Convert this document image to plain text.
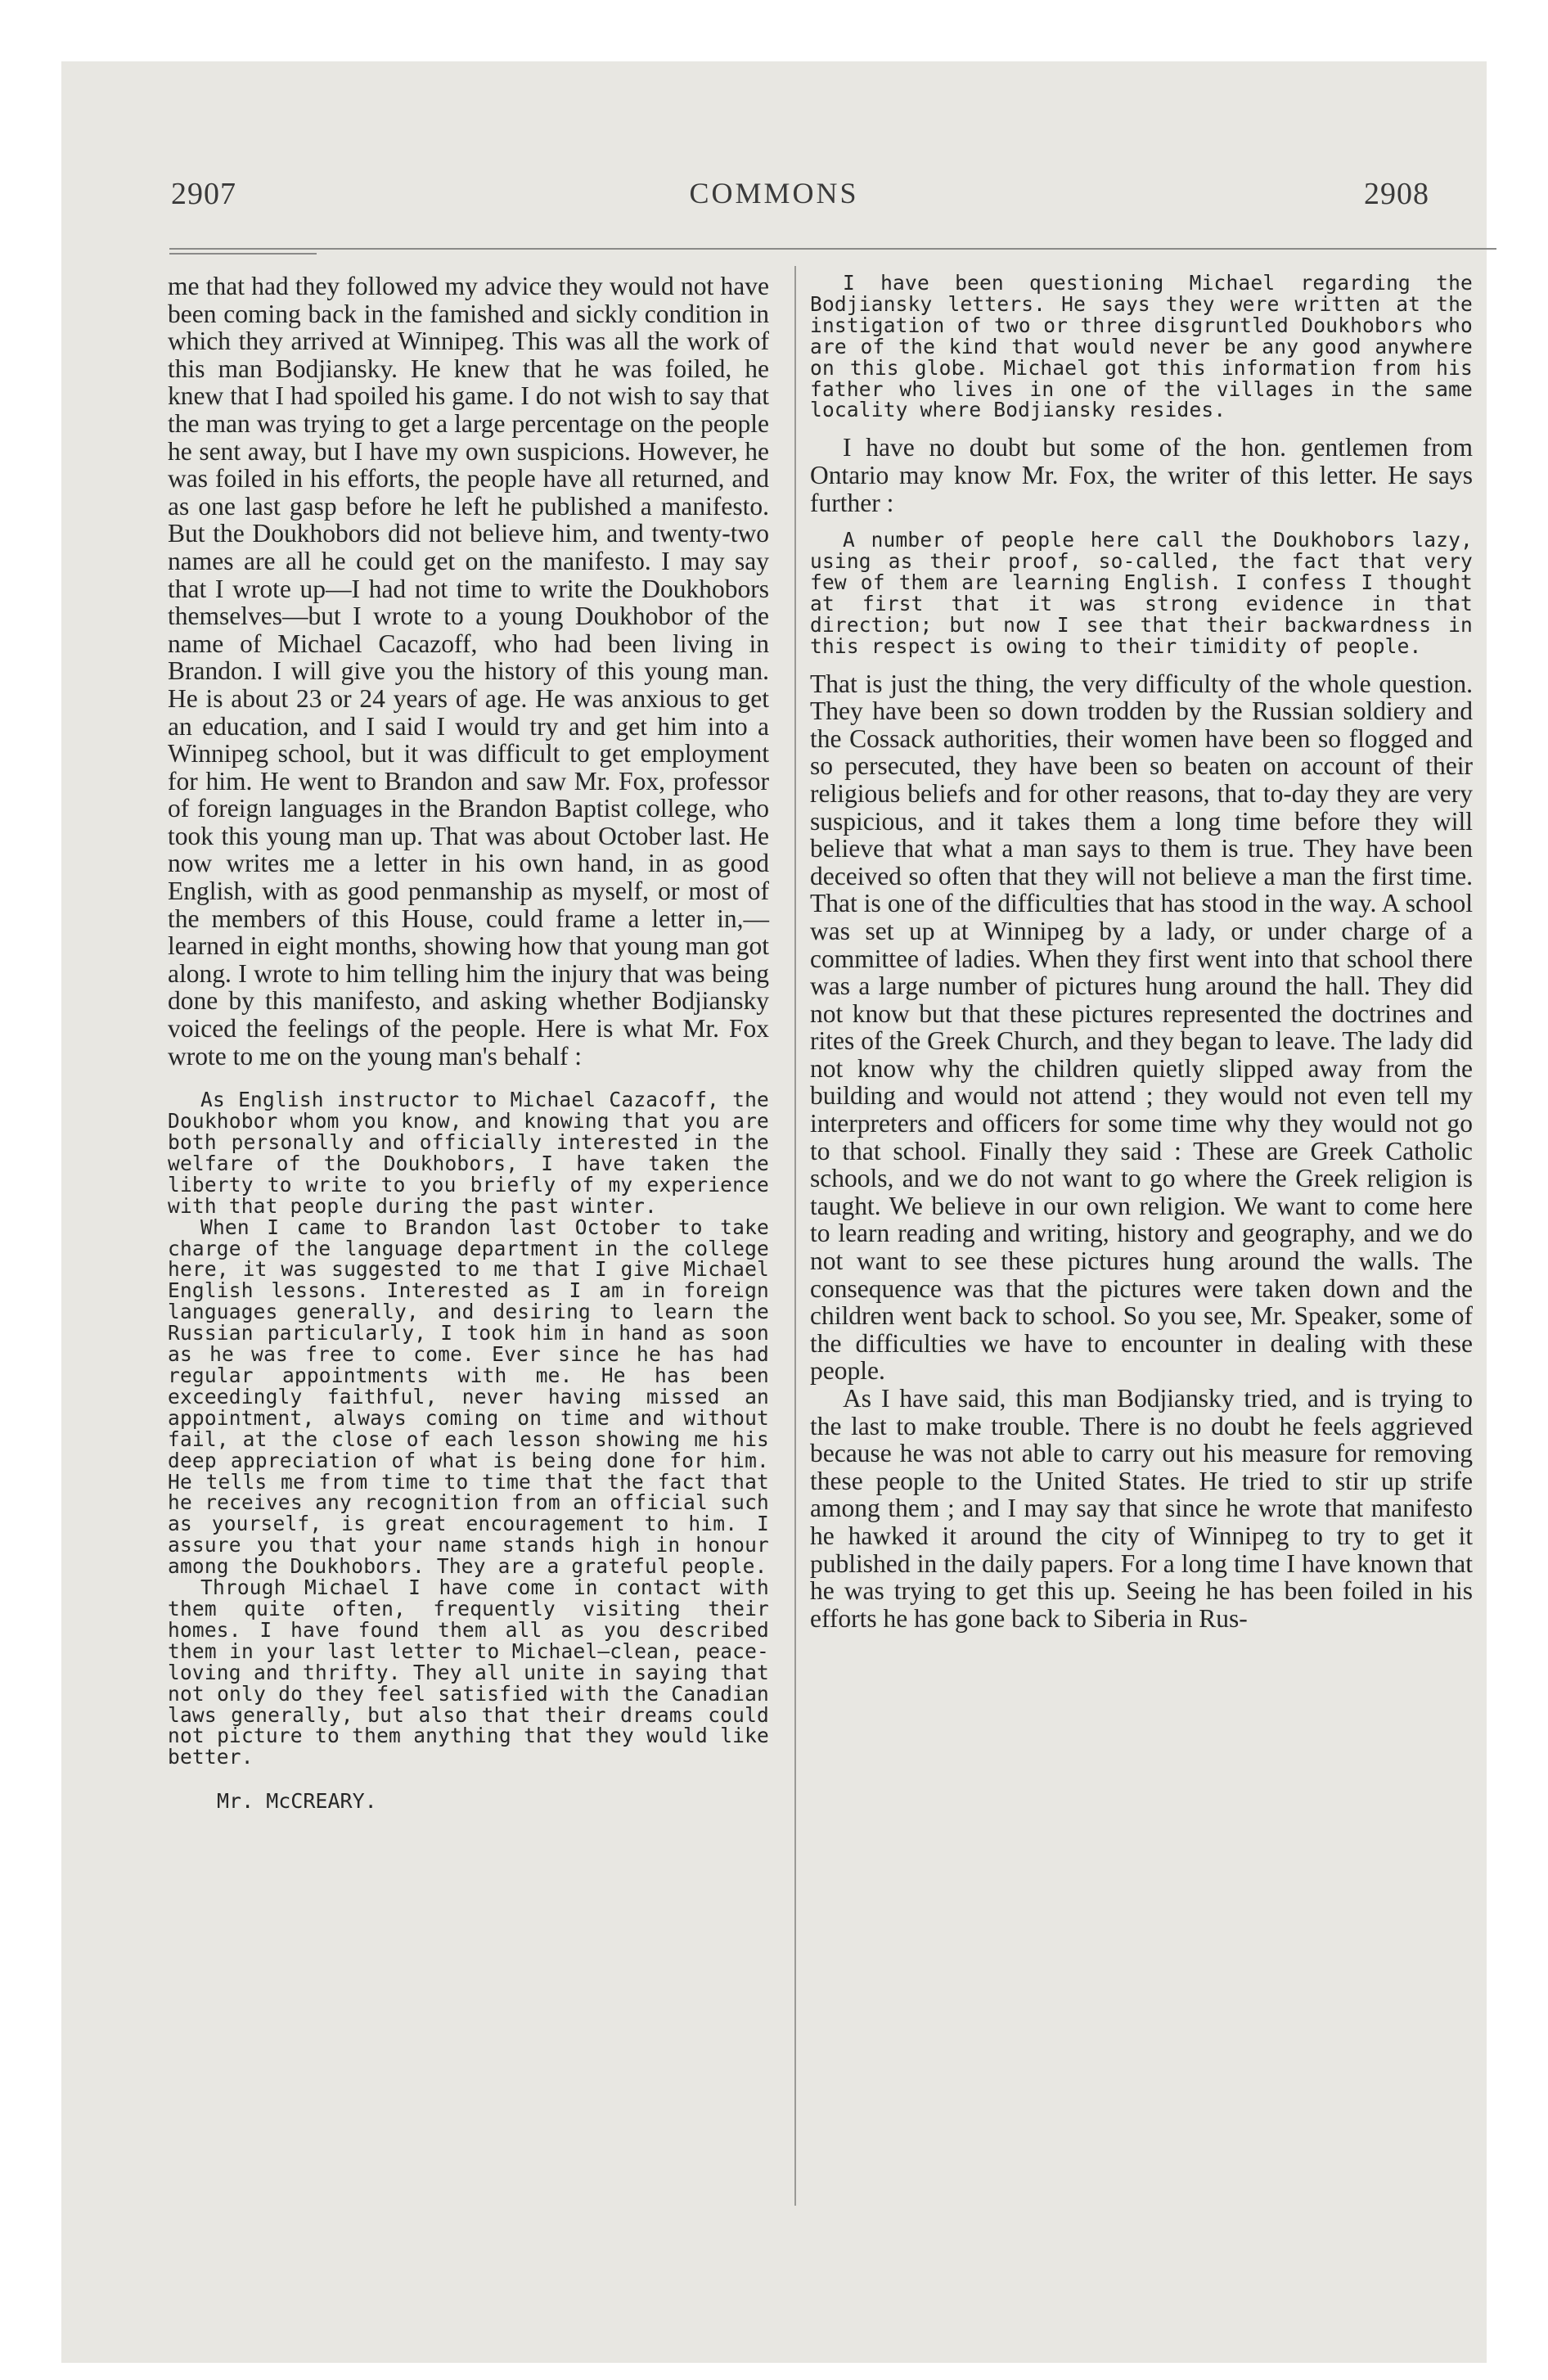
2907	COMMONS	2908

me that had they followed my advice they would not have been coming back in the famished and sickly condition in which they arrived at Winnipeg. This was all the work of this man Bodjiansky. He knew that he was foiled, he knew that I had spoiled his game. I do not wish to say that the man was trying to get a large percentage on the people he sent away, but I have my own suspicions. However, he was foiled in his efforts, the people have all returned, and as one last gasp before he left he published a manifesto. But the Doukhobors did not believe him, and twenty-two names are all he could get on the manifesto. I may say that I wrote up—I had not time to write the Doukhobors themselves—but I wrote to a young Doukhobor of the name of Michael Cacazoff, who had been living in Brandon. I will give you the history of this young man. He is about 23 or 24 years of age. He was anxious to get an education, and I said I would try and get him into a Winnipeg school, but it was difficult to get employment for him. He went to Brandon and saw Mr. Fox, professor of foreign languages in the Brandon Baptist college, who took this young man up. That was about October last. He now writes me a letter in his own hand, in as good English, with as good penmanship as myself, or most of the members of this House, could frame a letter in,—learned in eight months, showing how that young man got along. I wrote to him telling him the injury that was being done by this manifesto, and asking whether Bodjiansky voiced the feelings of the people. Here is what Mr. Fox wrote to me on the young man's behalf :

As English instructor to Michael Cazacoff, the Doukhobor whom you know, and knowing that you are both personally and officially interested in the welfare of the Doukhobors, I have taken the liberty to write to you briefly of my experience with that people during the past winter.

When I came to Brandon last October to take charge of the language department in the college here, it was suggested to me that I give Michael English lessons. Interested as I am in foreign languages generally, and desiring to learn the Russian particularly, I took him in hand as soon as he was free to come. Ever since he has had regular appointments with me. He has been exceedingly faithful, never having missed an appointment, always coming on time and without fail, at the close of each lesson showing me his deep appreciation of what is being done for him. He tells me from time to time that the fact that he receives any recognition from an official such as yourself, is great encouragement to him. I assure you that your name stands high in honour among the Doukhobors. They are a grateful people.

Through Michael I have come in contact with them quite often, frequently visiting their homes. I have found them all as you described them in your last letter to Michael—clean, peace-loving and thrifty. They all unite in saying that not only do they feel satisfied with the Canadian laws generally, but also that their dreams could not picture to them anything that they would like better.

Mr. McCREARY.

I have been questioning Michael regarding the Bodjiansky letters. He says they were written at the instigation of two or three disgruntled Doukhobors who are of the kind that would never be any good anywhere on this globe. Michael got this information from his father who lives in one of the villages in the same locality where Bodjiansky resides.

I have no doubt but some of the hon. gentlemen from Ontario may know Mr. Fox, the writer of this letter. He says further :

A number of people here call the Doukhobors lazy, using as their proof, so-called, the fact that very few of them are learning English. I confess I thought at first that it was strong evidence in that direction; but now I see that their backwardness in this respect is owing to their timidity of people.

That is just the thing, the very difficulty of the whole question. They have been so down trodden by the Russian soldiery and the Cossack authorities, their women have been so flogged and so persecuted, they have been so beaten on account of their religious beliefs and for other reasons, that to-day they are very suspicious, and it takes them a long time before they will believe that what a man says to them is true. They have been deceived so often that they will not believe a man the first time. That is one of the difficulties that has stood in the way. A school was set up at Winnipeg by a lady, or under charge of a committee of ladies. When they first went into that school there was a large number of pictures hung around the hall. They did not know but that these pictures represented the doctrines and rites of the Greek Church, and they began to leave. The lady did not know why the children quietly slipped away from the building and would not attend ; they would not even tell my interpreters and officers for some time why they would not go to that school. Finally they said : These are Greek Catholic schools, and we do not want to go where the Greek religion is taught. We believe in our own religion. We want to come here to learn reading and writing, history and geography, and we do not want to see these pictures hung around the walls. The consequence was that the pictures were taken down and the children went back to school. So you see, Mr. Speaker, some of the difficulties we have to encounter in dealing with these people.

As I have said, this man Bodjiansky tried, and is trying to the last to make trouble. There is no doubt he feels aggrieved because he was not able to carry out his measure for removing these people to the United States. He tried to stir up strife among them ; and I may say that since he wrote that manifesto he hawked it around the city of Winnipeg to try to get it published in the daily papers. For a long time I have known that he was trying to get this up. Seeing he has been foiled in his efforts he has gone back to Siberia in Rus-
